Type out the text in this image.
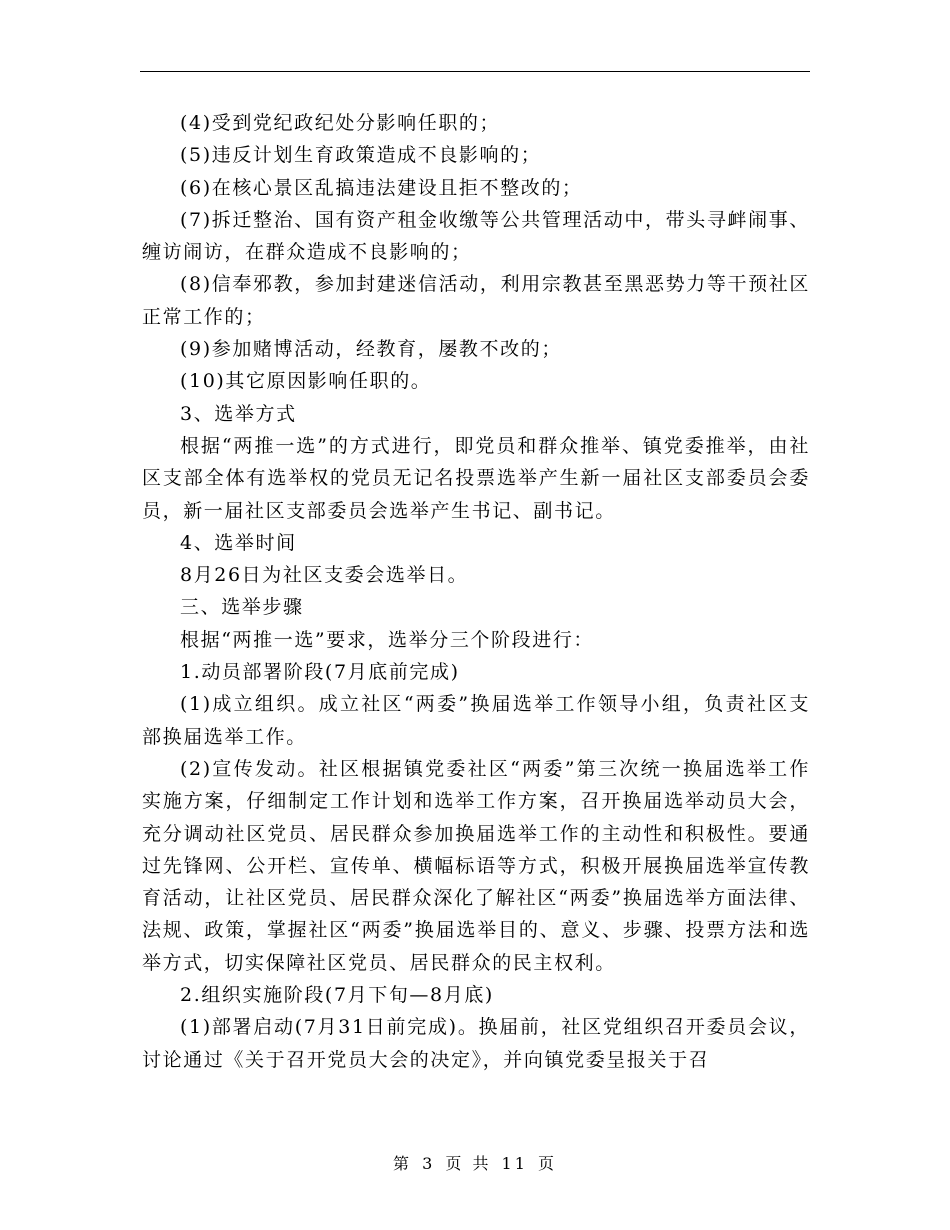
(4)受到党纪政纪处分影响任职的；

(5)违反计划生育政策造成不良影响的；

(6)在核心景区乱搞违法建设且拒不整改的；

(7)拆迁整治、国有资产租金收缴等公共管理活动中，带头寻衅闹事、缠访闹访，在群众造成不良影响的；

(8)信奉邪教，参加封建迷信活动，利用宗教甚至黑恶势力等干预社区正常工作的；

(9)参加赌博活动，经教育，屡教不改的；

(10)其它原因影响任职的。

3、选举方式

根据“两推一选”的方式进行，即党员和群众推举、镇党委推举，由社区支部全体有选举权的党员无记名投票选举产生新一届社区支部委员会委员，新一届社区支部委员会选举产生书记、副书记。

4、选举时间

8月26日为社区支委会选举日。

三、选举步骤

根据“两推一选”要求，选举分三个阶段进行：

1.动员部署阶段(7月底前完成)

(1)成立组织。成立社区“两委”换届选举工作领导小组，负责社区支部换届选举工作。

(2)宣传发动。社区根据镇党委社区“两委”第三次统一换届选举工作实施方案，仔细制定工作计划和选举工作方案，召开换届选举动员大会，充分调动社区党员、居民群众参加换届选举工作的主动性和积极性。要通过先锋网、公开栏、宣传单、横幅标语等方式，积极开展换届选举宣传教育活动，让社区党员、居民群众深化了解社区“两委”换届选举方面法律、法规、政策，掌握社区“两委”换届选举目的、意义、步骤、投票方法和选举方式，切实保障社区党员、居民群众的民主权利。

2.组织实施阶段(7月下旬—8月底)

(1)部署启动(7月31日前完成)。换届前，社区党组织召开委员会议，讨论通过《关于召开党员大会的决定》，并向镇党委呈报关于召

第 3 页 共 11 页
